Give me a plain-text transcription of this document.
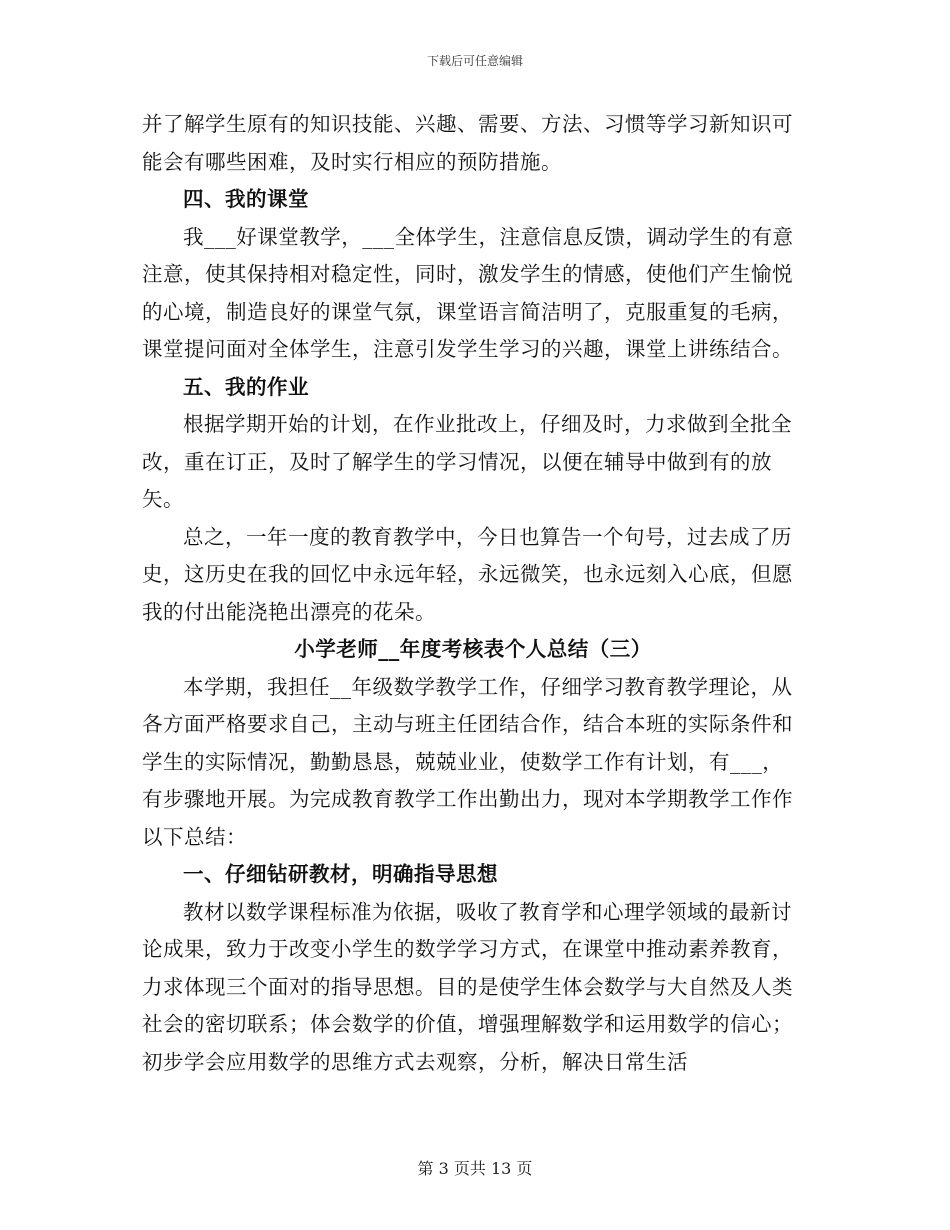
下载后可任意编辑

并了解学生原有的知识技能、兴趣、需要、方法、习惯等学习新知识可能会有哪些困难，及时实行相应的预防措施。

四、我的课堂

我___好课堂教学，___全体学生，注意信息反馈，调动学生的有意注意，使其保持相对稳定性，同时，激发学生的情感，使他们产生愉悦的心境，制造良好的课堂气氛，课堂语言简洁明了，克服重复的毛病，课堂提问面对全体学生，注意引发学生学习的兴趣，课堂上讲练结合。

五、我的作业

根据学期开始的计划，在作业批改上，仔细及时，力求做到全批全改，重在订正，及时了解学生的学习情况，以便在辅导中做到有的放矢。

总之，一年一度的教育教学中，今日也算告一个句号，过去成了历史，这历史在我的回忆中永远年轻，永远微笑，也永远刻入心底，但愿我的付出能浇艳出漂亮的花朵。

小学老师__年度考核表个人总结（三）

本学期，我担任__年级数学教学工作，仔细学习教育教学理论，从各方面严格要求自己，主动与班主任团结合作，结合本班的实际条件和学生的实际情况，勤勤恳恳，兢兢业业，使数学工作有计划，有___，有步骤地开展。为完成教育教学工作出勤出力，现对本学期教学工作作以下总结：

一、仔细钻研教材，明确指导思想

教材以数学课程标准为依据，吸收了教育学和心理学领域的最新讨论成果，致力于改变小学生的数学学习方式，在课堂中推动素养教育，力求体现三个面对的指导思想。目的是使学生体会数学与大自然及人类社会的密切联系；体会数学的价值，增强理解数学和运用数学的信心；初步学会应用数学的思维方式去观察，分析，解决日常生活

第 3 页共 13 页
